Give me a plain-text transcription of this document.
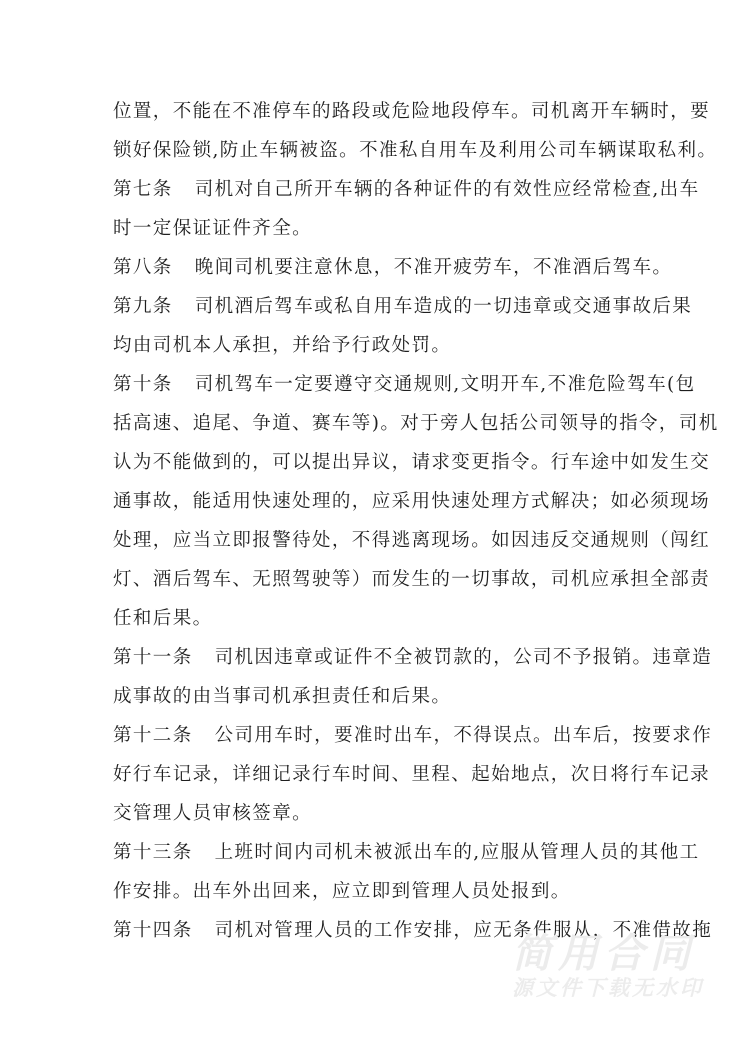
位置，不能在不准停车的路段或危险地段停车。司机离开车辆时，要
锁好保险锁,防止车辆被盗。不准私自用车及利用公司车辆谋取私利。
第七条 司机对自己所开车辆的各种证件的有效性应经常检查,出车
时一定保证证件齐全。
第八条 晚间司机要注意休息，不准开疲劳车，不准酒后驾车。
第九条 司机酒后驾车或私自用车造成的一切违章或交通事故后果
均由司机本人承担，并给予行政处罚。
第十条 司机驾车一定要遵守交通规则,文明开车,不准危险驾车(包
括高速、追尾、争道、赛车等)。对于旁人包括公司领导的指令，司机
认为不能做到的，可以提出异议，请求变更指令。行车途中如发生交
通事故，能适用快速处理的，应采用快速处理方式解决；如必须现场
处理，应当立即报警待处，不得逃离现场。如因违反交通规则（闯红
灯、酒后驾车、无照驾驶等）而发生的一切事故，司机应承担全部责
任和后果。
第十一条 司机因违章或证件不全被罚款的，公司不予报销。违章造
成事故的由当事司机承担责任和后果。
第十二条 公司用车时，要准时出车，不得误点。出车后，按要求作
好行车记录，详细记录行车时间、里程、起始地点，次日将行车记录
交管理人员审核签章。
第十三条 上班时间内司机未被派出车的,应服从管理人员的其他工
作安排。出车外出回来，应立即到管理人员处报到。
第十四条 司机对管理人员的工作安排，应无条件服从，不准借故拖
简用合同
源文件下载无水印
